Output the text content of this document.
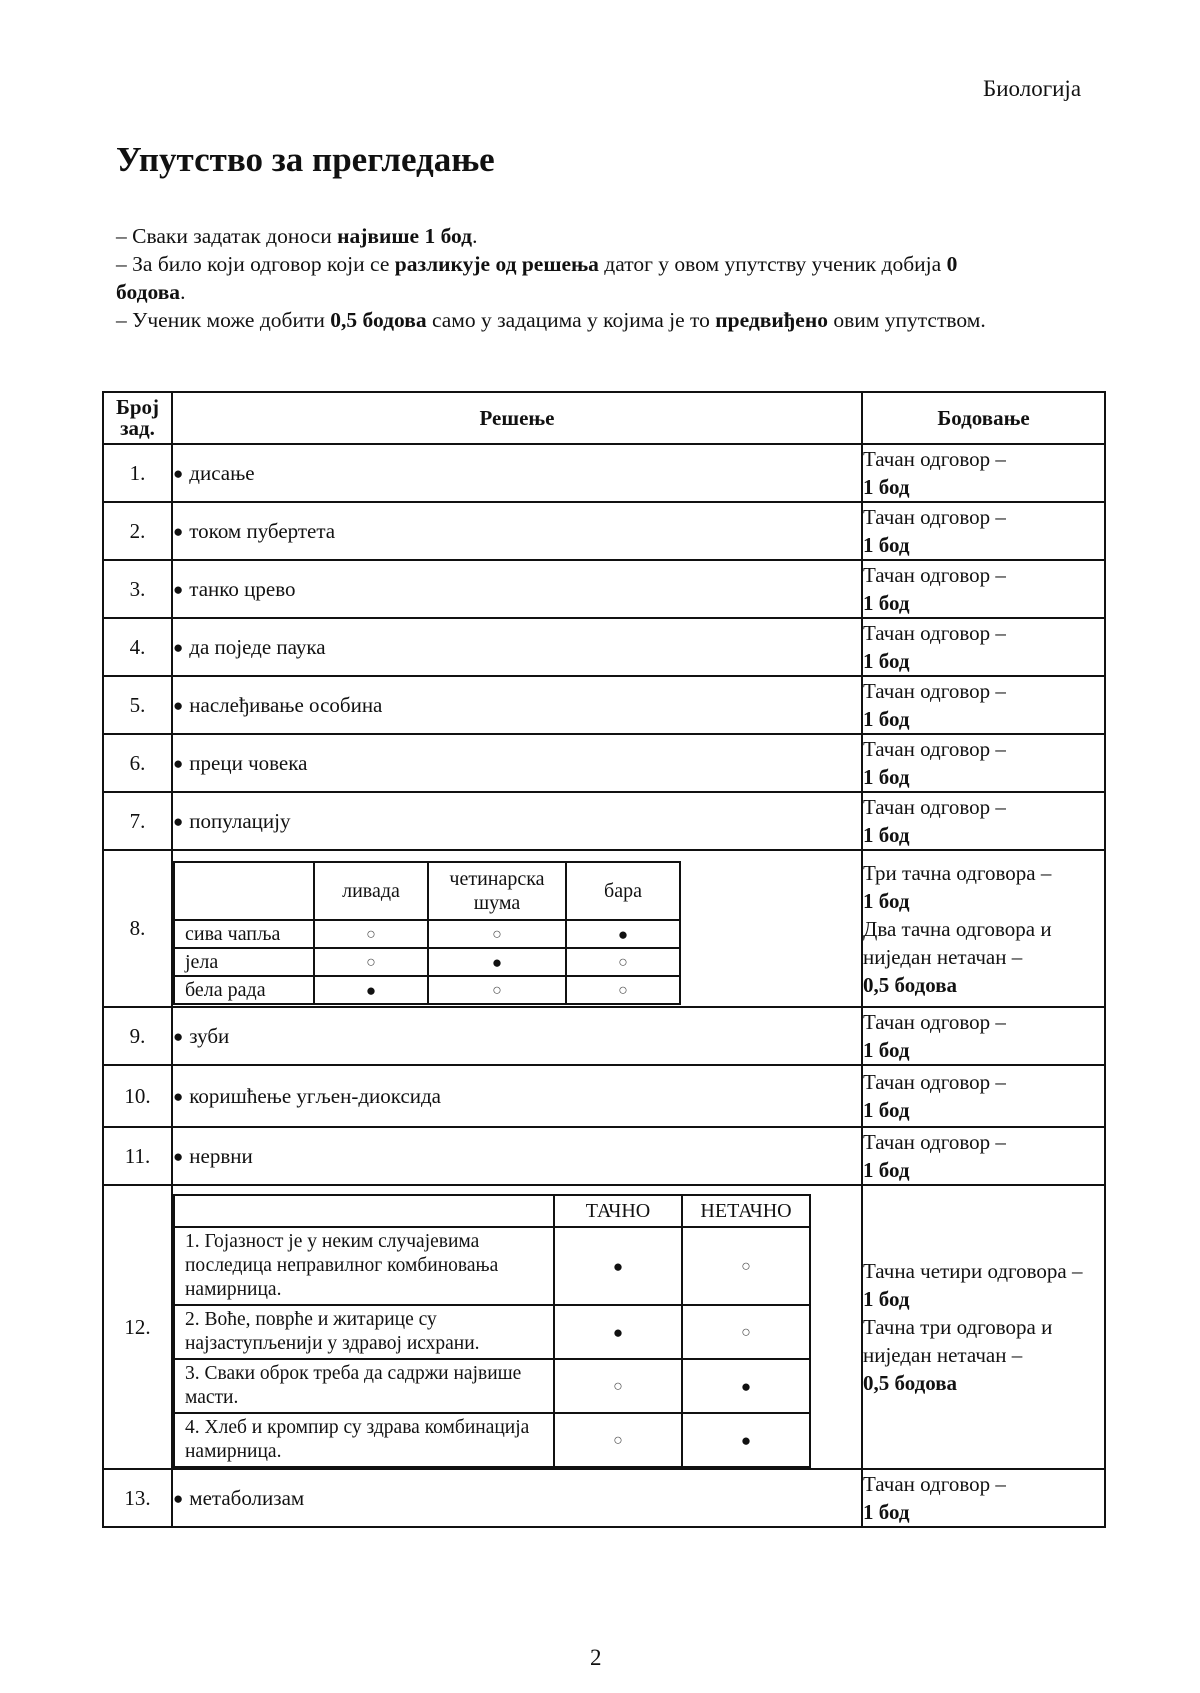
Биологија
Упутство за прегледање

– Сваки задатак доноси највише 1 бод.

– За било који одговор који се разликује од решења датог у овом упутству ученик добија 0 бодова.

– Ученик може добити 0,5 бодова само у задацима у којима је то предвиђено овим упутством.

Број зад.	Решење	Бодовање
1.	● дисање	
Тачан одговор –
1 бод

2.	● током пубертета	
Тачан одговор –
1 бод

3.	● танко црево	
Тачан одговор –
1 бод

4.	● да поједе паука	
Тачан одговор –
1 бод

5.	● наслеђивање особина	
Тачан одговор –
1 бод

6.	● преци човека	
Тачан одговор –
1 бод

7.	● популацију	
Тачан одговор –
1 бод

8.	
	ливада	четинарска шума	бара
сива чапља	○	○	●
јела	○	●	○
бела рада	●	○	○

Три тачна одговора –
1 бод
Два тачна одговора и ниједан нетачан –
0,5 бодова

9.	● зуби	
Тачан одговор –
1 бод

10.	● коришћење угљен-диоксида	
Тачан одговор –
1 бод

11.	● нервни	
Тачан одговор –
1 бод

12.	
	ТАЧНО	НЕТАЧНО
1. Гојазност је у неким случајевима последица неправилног комбиновања намирница.	●	○
2. Воће, поврће и житарице су најзаступљенији у здравој исхрани.	●	○
3. Сваки оброк треба да садржи највише масти.	○	●
4. Хлеб и кромпир су здрава комбинација намирница.	○	●

Тачна четири одговора –
1 бод
Тачна три одговора и ниједан нетачан –
0,5 бодова

13.	● метаболизам	
Тачан одговор –
1 бод
2
